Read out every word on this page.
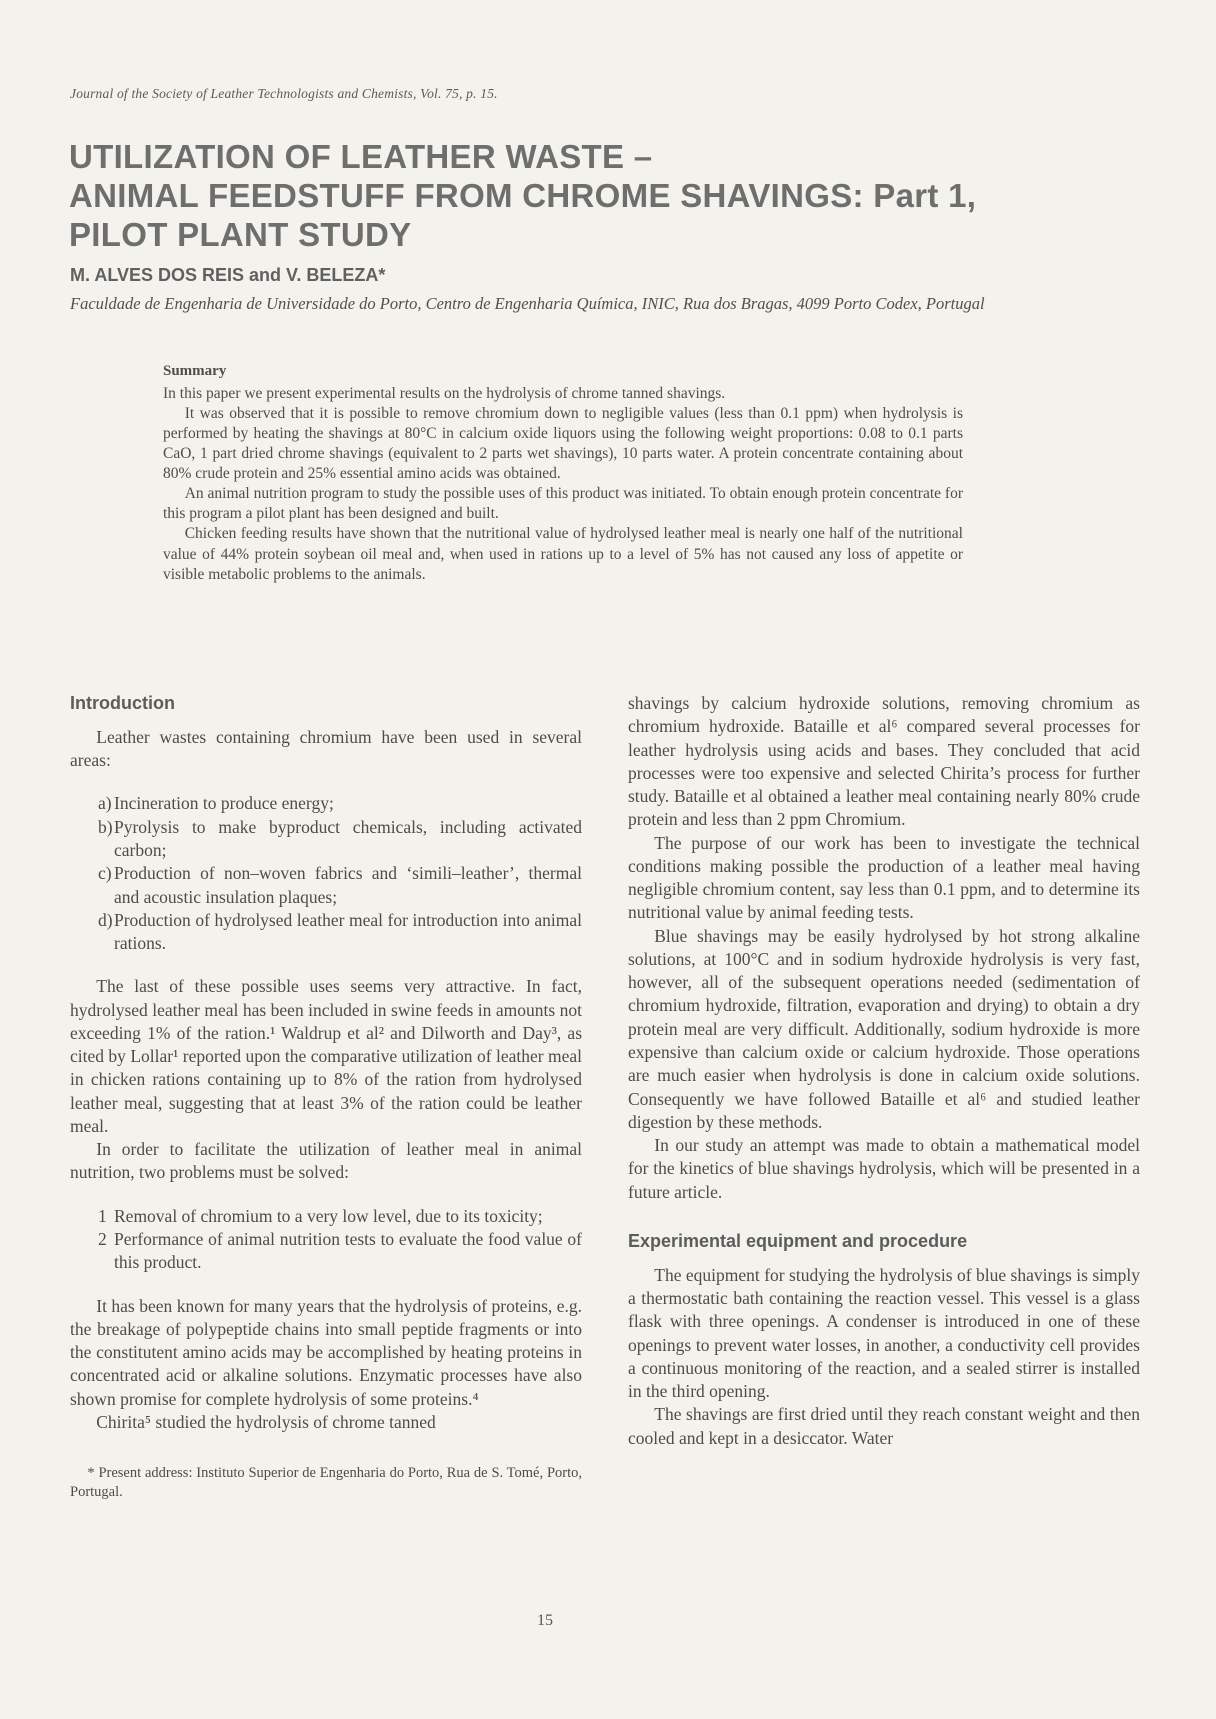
Journal of the Society of Leather Technologists and Chemists, Vol. 75, p. 15.
UTILIZATION OF LEATHER WASTE –
ANIMAL FEEDSTUFF FROM CHROME SHAVINGS: Part 1,
PILOT PLANT STUDY
M. ALVES DOS REIS and V. BELEZA*
Faculdade de Engenharia de Universidade do Porto, Centro de Engenharia Química, INIC, Rua dos Bragas, 4099 Porto Codex, Portugal
Summary

In this paper we present experimental results on the hydrolysis of chrome tanned shavings.

It was observed that it is possible to remove chromium down to negligible values (less than 0.1 ppm) when hydrolysis is performed by heating the shavings at 80°C in calcium oxide liquors using the following weight proportions: 0.08 to 0.1 parts CaO, 1 part dried chrome shavings (equivalent to 2 parts wet shavings), 10 parts water. A protein concentrate containing about 80% crude protein and 25% essential amino acids was obtained.

An animal nutrition program to study the possible uses of this product was initiated. To obtain enough protein concentrate for this program a pilot plant has been designed and built.

Chicken feeding results have shown that the nutritional value of hydrolysed leather meal is nearly one half of the nutritional value of 44% protein soybean oil meal and, when used in rations up to a level of 5% has not caused any loss of appetite or visible metabolic problems to the animals.

Introduction

Leather wastes containing chromium have been used in several areas:

a) Incineration to produce energy;
b) Pyrolysis to make byproduct chemicals, including activated carbon;
c) Production of non–woven fabrics and ‘simili–leather’, thermal and acoustic insulation plaques;
d) Production of hydrolysed leather meal for introduction into animal rations.

The last of these possible uses seems very attractive. In fact, hydrolysed leather meal has been included in swine feeds in amounts not exceeding 1% of the ration.¹ Waldrup et al² and Dilworth and Day³, as cited by Lollar¹ reported upon the comparative utilization of leather meal in chicken rations containing up to 8% of the ration from hydrolysed leather meal, suggesting that at least 3% of the ration could be leather meal.

In order to facilitate the utilization of leather meal in animal nutrition, two problems must be solved:

1 Removal of chromium to a very low level, due to its toxicity;
2 Performance of animal nutrition tests to evaluate the food value of this product.

It has been known for many years that the hydrolysis of proteins, e.g. the breakage of polypeptide chains into small peptide fragments or into the constitutent amino acids may be accomplished by heating proteins in concentrated acid or alkaline solutions. Enzymatic processes have also shown promise for complete hydrolysis of some proteins.⁴

Chirita⁵ studied the hydrolysis of chrome tanned

* Present address: Instituto Superior de Engenharia do Porto, Rua de S. Tomé, Porto, Portugal.

shavings by calcium hydroxide solutions, removing chromium as chromium hydroxide. Bataille et al⁶ compared several processes for leather hydrolysis using acids and bases. They concluded that acid processes were too expensive and selected Chirita’s process for further study. Bataille et al obtained a leather meal containing nearly 80% crude protein and less than 2 ppm Chromium.

The purpose of our work has been to investigate the technical conditions making possible the production of a leather meal having negligible chromium content, say less than 0.1 ppm, and to determine its nutritional value by animal feeding tests.

Blue shavings may be easily hydrolysed by hot strong alkaline solutions, at 100°C and in sodium hydroxide hydrolysis is very fast, however, all of the subsequent operations needed (sedimentation of chromium hydroxide, filtration, evaporation and drying) to obtain a dry protein meal are very difficult. Additionally, sodium hydroxide is more expensive than calcium oxide or calcium hydroxide. Those operations are much easier when hydrolysis is done in calcium oxide solutions. Consequently we have followed Bataille et al⁶ and studied leather digestion by these methods.

In our study an attempt was made to obtain a mathematical model for the kinetics of blue shavings hydrolysis, which will be presented in a future article.

Experimental equipment and procedure

The equipment for studying the hydrolysis of blue shavings is simply a thermostatic bath containing the reaction vessel. This vessel is a glass flask with three openings. A condenser is introduced in one of these openings to prevent water losses, in another, a conductivity cell provides a continuous monitoring of the reaction, and a sealed stirrer is installed in the third opening.

The shavings are first dried until they reach constant weight and then cooled and kept in a desiccator. Water

15
